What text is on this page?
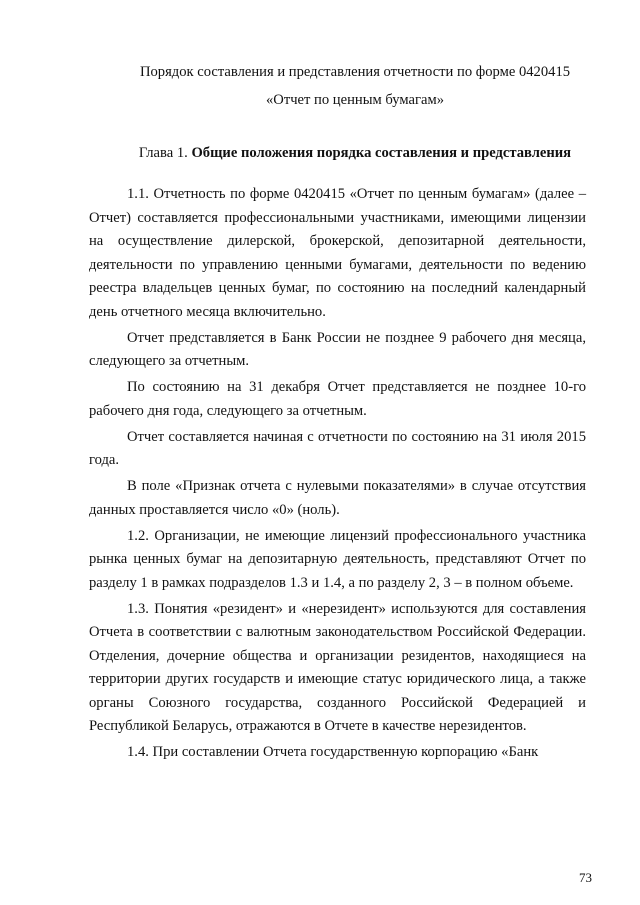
Порядок составления и представления отчетности по форме 0420415
«Отчет по ценным бумагам»
Глава 1. Общие положения порядка составления и представления

1.1. Отчетность по форме 0420415 «Отчет по ценным бумагам» (далее – Отчет) составляется профессиональными участниками, имеющими лицензии на осуществление дилерской, брокерской, депозитарной деятельности, деятельности по управлению ценными бумагами, деятельности по ведению реестра владельцев ценных бумаг, по состоянию на последний календарный день отчетного месяца включительно.

Отчет представляется в Банк России не позднее 9 рабочего дня месяца, следующего за отчетным.

По состоянию на 31 декабря Отчет представляется не позднее 10-го рабочего дня года, следующего за отчетным.

Отчет составляется начиная с отчетности по состоянию на 31 июля 2015 года.

В поле «Признак отчета с нулевыми показателями» в случае отсутствия данных проставляется число «0» (ноль).

1.2. Организации, не имеющие лицензий профессионального участника рынка ценных бумаг на депозитарную деятельность, представляют Отчет по разделу 1 в рамках подразделов 1.3 и 1.4, а по разделу 2, 3 – в полном объеме.

1.3. Понятия «резидент» и «нерезидент» используются для составления Отчета в соответствии с валютным законодательством Российской Федерации. Отделения, дочерние общества и организации резидентов, находящиеся на территории других государств и имеющие статус юридического лица, а также органы Союзного государства, созданного Российской Федерацией и Республикой Беларусь, отражаются в Отчете в качестве нерезидентов.

1.4. При составлении Отчета государственную корпорацию «Банк

73
